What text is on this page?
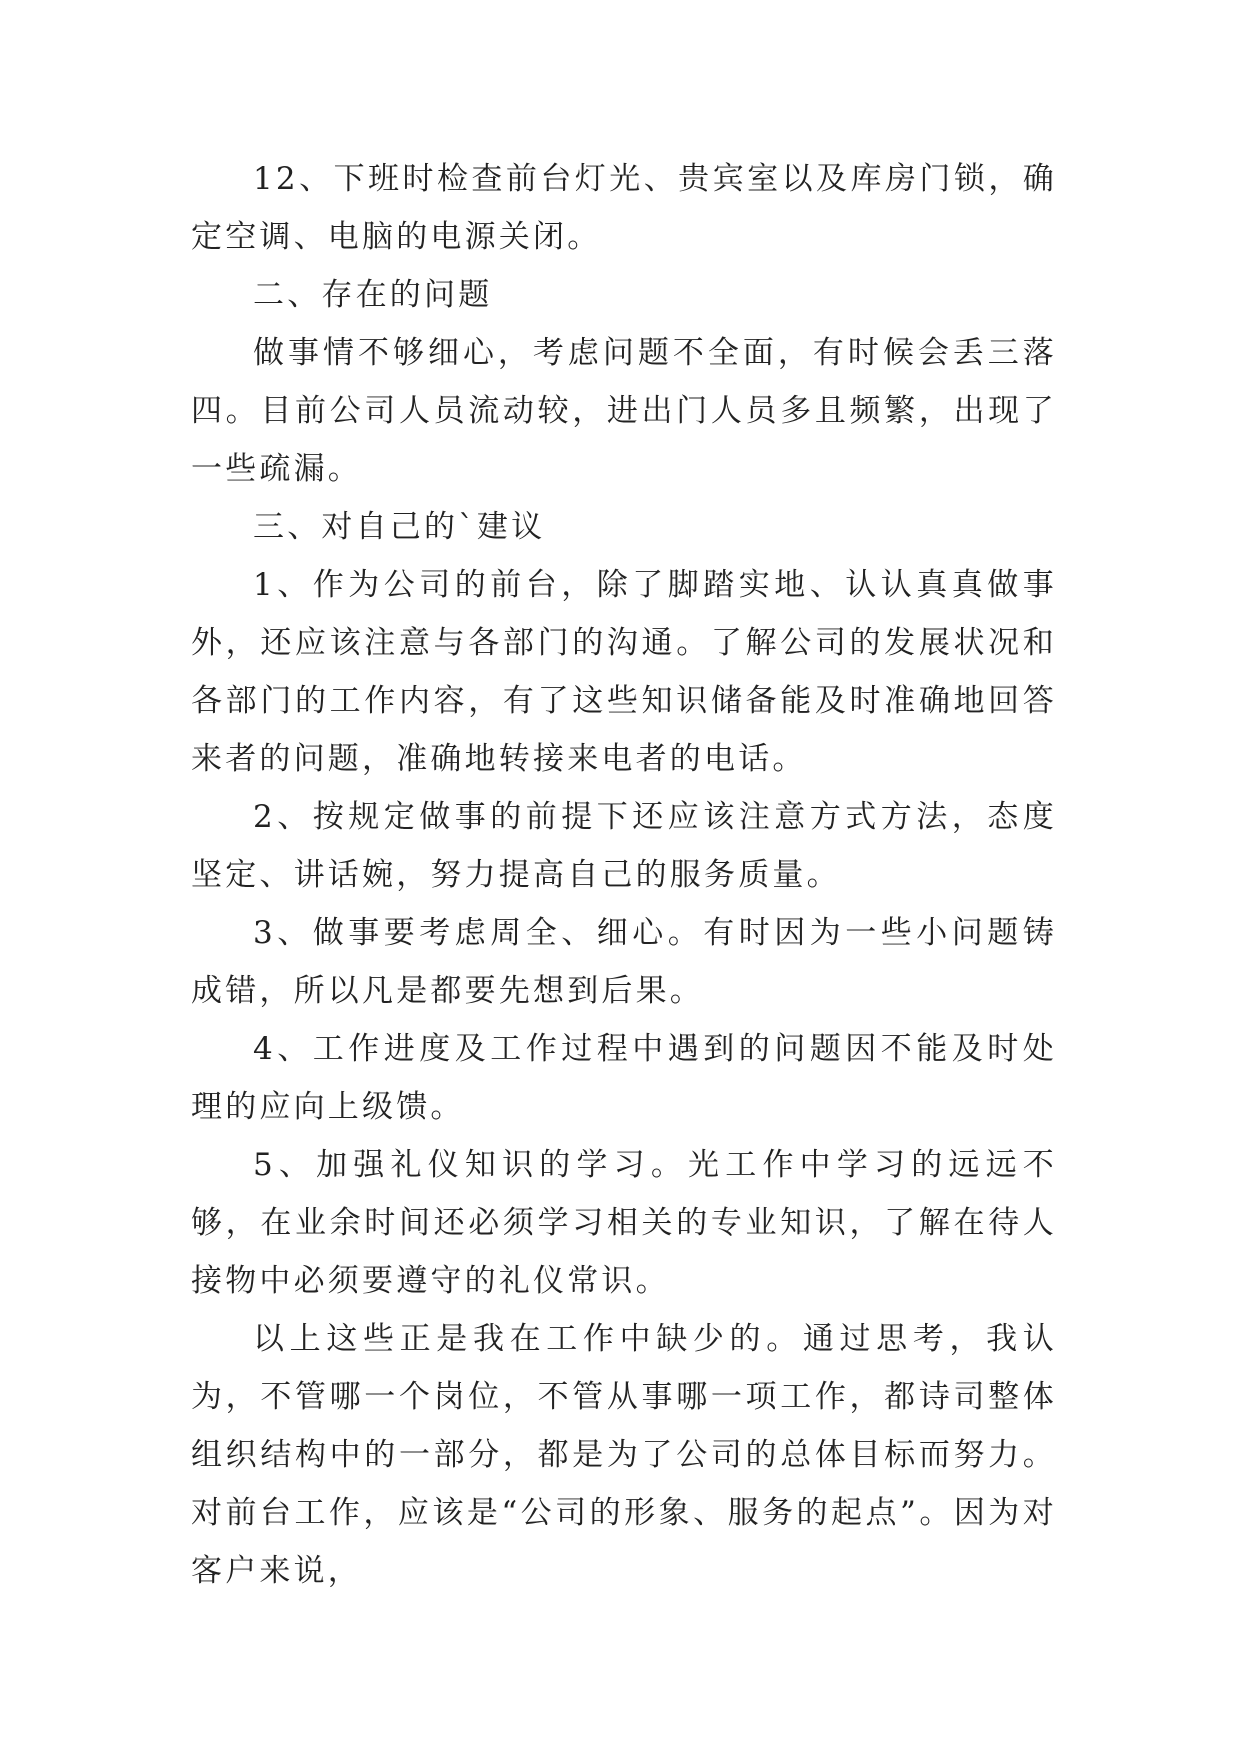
12、下班时检查前台灯光、贵宾室以及库房门锁，确定空调、电脑的电源关闭。

二、存在的问题

做事情不够细心，考虑问题不全面，有时候会丢三落四。目前公司人员流动较，进出门人员多且频繁，出现了一些疏漏。

三、对自己的`建议

1、作为公司的前台，除了脚踏实地、认认真真做事外，还应该注意与各部门的沟通。了解公司的发展状况和各部门的工作内容，有了这些知识储备能及时准确地回答来者的问题，准确地转接来电者的电话。

2、按规定做事的前提下还应该注意方式方法，态度坚定、讲话婉，努力提高自己的服务质量。

3、做事要考虑周全、细心。有时因为一些小问题铸成错，所以凡是都要先想到后果。

4、工作进度及工作过程中遇到的问题因不能及时处理的应向上级馈。

5、加强礼仪知识的学习。光工作中学习的远远不够，在业余时间还必须学习相关的专业知识，了解在待人接物中必须要遵守的礼仪常识。

以上这些正是我在工作中缺少的。通过思考，我认为，不管哪一个岗位，不管从事哪一项工作，都诗司整体组织结构中的一部分，都是为了公司的总体目标而努力。对前台工作，应该是“公司的形象、服务的起点”。因为对客户来说，
